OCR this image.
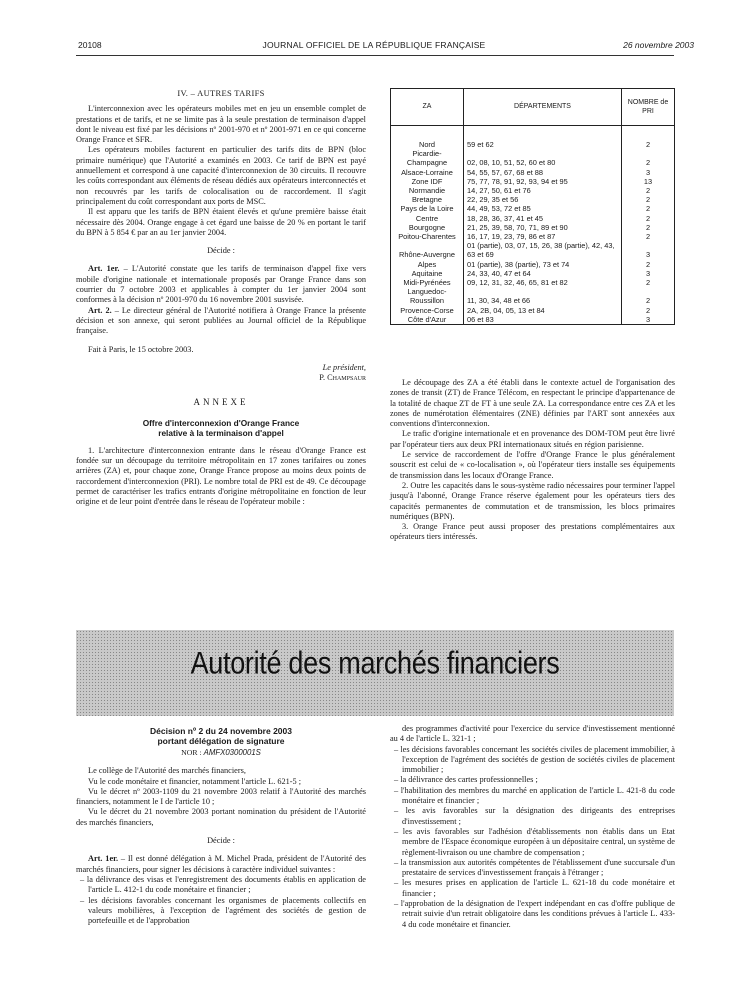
20108	JOURNAL OFFICIEL DE LA RÉPUBLIQUE FRANÇAISE	26 novembre 2003
IV. – AUTRES TARIFS

L'interconnexion avec les opérateurs mobiles met en jeu un ensemble complet de prestations et de tarifs, et ne se limite pas à la seule prestation de terminaison d'appel dont le niveau est fixé par les décisions nº 2001-970 et nº 2001-971 en ce qui concerne Orange France et SFR.

Les opérateurs mobiles facturent en particulier des tarifs dits de BPN (bloc primaire numérique) que l'Autorité a examinés en 2003. Ce tarif de BPN est payé annuellement et correspond à une capacité d'interconnexion de 30 circuits. Il recouvre les coûts correspondant aux éléments de réseau dédiés aux opérateurs interconnectés et non recouvrés par les tarifs de colocalisation ou de raccordement. Il s'agit principalement du coût correspondant aux ports de MSC.

Il est apparu que les tarifs de BPN étaient élevés et qu'une première baisse était nécessaire dès 2004. Orange engage à cet égard une baisse de 20 % en portant le tarif du BPN à 5 854 € par an au 1er janvier 2004.

Décide :

Art. 1er. – L'Autorité constate que les tarifs de terminaison d'appel fixe vers mobile d'origine nationale et internationale proposés par Orange France dans son courrier du 7 octobre 2003 et applicables à compter du 1er janvier 2004 sont conformes à la décision nº 2001-970 du 16 novembre 2001 susvisée.

Art. 2. – Le directeur général de l'Autorité notifiera à Orange France la présente décision et son annexe, qui seront publiées au Journal officiel de la République française.

Fait à Paris, le 15 octobre 2003.

Le président,

P. Champsaur

ANNEXE
Offre d'interconnexion d'Orange France
relative à la terminaison d'appel

1. L'architecture d'interconnexion entrante dans le réseau d'Orange France est fondée sur un découpage du territoire métropolitain en 17 zones tarifaires ou zones arrières (ZA) et, pour chaque zone, Orange France propose au moins deux points de raccordement d'interconnexion (PRI). Le nombre total de PRI est de 49. Ce découpage permet de caractériser les trafics entrants d'origine métropolitaine en fonction de leur origine et de leur point d'entrée dans le réseau de l'opérateur mobile :

ZA	DÉPARTEMENTS	NOMBRE de PRI
Nord	59 et 62	2
Picardie-Champagne	02, 08, 10, 51, 52, 60 et 80	2
Alsace-Lorraine	54, 55, 57, 67, 68 et 88	3
Zone IDF	75, 77, 78, 91, 92, 93, 94 et 95	13
Normandie	14, 27, 50, 61 et 76	2
Bretagne	22, 29, 35 et 56	2
Pays de la Loire	44, 49, 53, 72 et 85	2
Centre	18, 28, 36, 37, 41 et 45	2
Bourgogne	21, 25, 39, 58, 70, 71, 89 et 90	2
Poitou-Charentes	16, 17, 19, 23, 79, 86 et 87	2
Rhône-Auvergne	01 (partie), 03, 07, 15, 26, 38 (partie), 42, 43, 63 et 69	3
Alpes	01 (partie), 38 (partie), 73 et 74	2
Aquitaine	24, 33, 40, 47 et 64	3
Midi-Pyrénées	09, 12, 31, 32, 46, 65, 81 et 82	2
Languedoc-Roussillon	11, 30, 34, 48 et 66	2
Provence-Corse	2A, 2B, 04, 05, 13 et 84	2
Côte d'Azur	06 et 83	3

Le découpage des ZA a été établi dans le contexte actuel de l'organisation des zones de transit (ZT) de France Télécom, en respectant le principe d'appartenance de la totalité de chaque ZT de FT à une seule ZA. La correspondance entre ces ZA et les zones de numérotation élémentaires (ZNE) définies par l'ART sont annexées aux conventions d'interconnexion.

Le trafic d'origine internationale et en provenance des DOM-TOM peut être livré par l'opérateur tiers aux deux PRI internationaux situés en région parisienne.

Le service de raccordement de l'offre d'Orange France le plus généralement souscrit est celui de « co-localisation », où l'opérateur tiers installe ses équipements de transmission dans les locaux d'Orange France.

2. Outre les capacités dans le sous-système radio nécessaires pour terminer l'appel jusqu'à l'abonné, Orange France réserve également pour les opérateurs tiers des capacités permanentes de commutation et de transmission, les blocs primaires numériques (BPN).

3. Orange France peut aussi proposer des prestations complémentaires aux opérateurs tiers intéressés.

Autorité des marchés financiers
Décision nº 2 du 24 novembre 2003
portant délégation de signature
NOR : AMFX0300001S

Le collège de l'Autorité des marchés financiers,

Vu le code monétaire et financier, notamment l'article L. 621-5 ;

Vu le décret nº 2003-1109 du 21 novembre 2003 relatif à l'Autorité des marchés financiers, notamment le I de l'article 10 ;

Vu le décret du 21 novembre 2003 portant nomination du président de l'Autorité des marchés financiers,

Décide :

Art. 1er. – Il est donné délégation à M. Michel Prada, président de l'Autorité des marchés financiers, pour signer les décisions à caractère individuel suivantes :

– la délivrance des visas et l'enregistrement des documents établis en application de l'article L. 412-1 du code monétaire et financier ;
– les décisions favorables concernant les organismes de placements collectifs en valeurs mobilières, à l'exception de l'agrément des sociétés de gestion de portefeuille et de l'approbation

des programmes d'activité pour l'exercice du service d'investissement mentionné au 4 de l'article L. 321-1 ;

– les décisions favorables concernant les sociétés civiles de placement immobilier, à l'exception de l'agrément des sociétés de gestion de sociétés civiles de placement immobilier ;
– la délivrance des cartes professionnelles ;
– l'habilitation des membres du marché en application de l'article L. 421-8 du code monétaire et financier ;
– les avis favorables sur la désignation des dirigeants des entreprises d'investissement ;
– les avis favorables sur l'adhésion d'établissements non établis dans un Etat membre de l'Espace économique européen à un dépositaire central, un système de règlement-livraison ou une chambre de compensation ;
– la transmission aux autorités compétentes de l'établissement d'une succursale d'un prestataire de services d'investissement français à l'étranger ;
– les mesures prises en application de l'article L. 621-18 du code monétaire et financier ;
– l'approbation de la désignation de l'expert indépendant en cas d'offre publique de retrait suivie d'un retrait obligatoire dans les conditions prévues à l'article L. 433-4 du code monétaire et financier.
